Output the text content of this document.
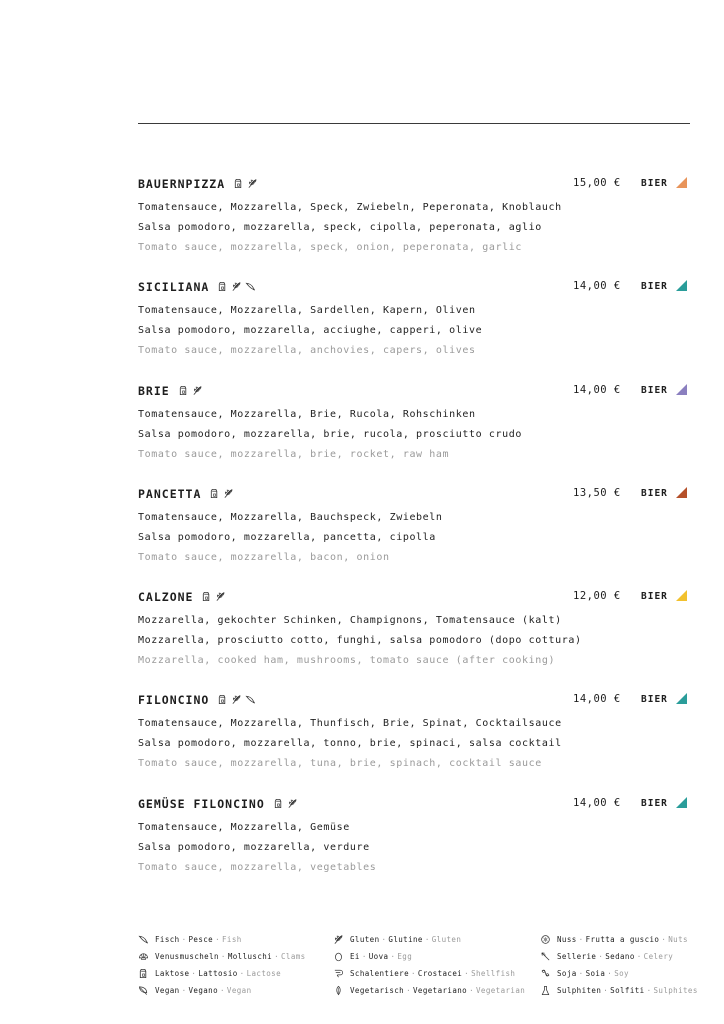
BAUERNPIZZA	15,00 € BIER
Tomatensauce, Mozzarella, Speck, Zwiebeln, Peperonata, Knoblauch
Salsa pomodoro, mozzarella, speck, cipolla, peperonata, aglio
Tomato sauce, mozzarella, speck, onion, peperonata, garlic
SICILIANA	14,00 € BIER
Tomatensauce, Mozzarella, Sardellen, Kapern, Oliven
Salsa pomodoro, mozzarella, acciughe, capperi, olive
Tomato sauce, mozzarella, anchovies, capers, olives
BRIE	14,00 € BIER
Tomatensauce, Mozzarella, Brie, Rucola, Rohschinken
Salsa pomodoro, mozzarella, brie, rucola, prosciutto crudo
Tomato sauce, mozzarella, brie, rocket, raw ham
PANCETTA	13,50 € BIER
Tomatensauce, Mozzarella, Bauchspeck, Zwiebeln
Salsa pomodoro, mozzarella, pancetta, cipolla
Tomato sauce, mozzarella, bacon, onion
CALZONE	12,00 € BIER
Mozzarella, gekochter Schinken, Champignons, Tomatensauce (kalt)
Mozzarella, prosciutto cotto, funghi, salsa pomodoro (dopo cottura)
Mozzarella, cooked ham, mushrooms, tomato sauce (after cooking)
FILONCINO	14,00 € BIER
Tomatensauce, Mozzarella, Thunfisch, Brie, Spinat, Cocktailsauce
Salsa pomodoro, mozzarella, tonno, brie, spinaci, salsa cocktail
Tomato sauce, mozzarella, tuna, brie, spinach, cocktail sauce
GEMÜSE FILONCINO	14,00 € BIER
Tomatensauce, Mozzarella, Gemüse
Salsa pomodoro, mozzarella, verdure
Tomato sauce, mozzarella, vegetables
Fisch · Pesce · Fish
Venusmuscheln · Molluschi · Clams
Laktose · Lattosio · Lactose
Vegan · Vegano · Vegan
Gluten · Glutine · Gluten
Ei · Uova · Egg
Schalentiere · Crostacei · Shellfish
Vegetarisch · Vegetariano · Vegetarian
Nuss · Frutta a guscio · Nuts
Sellerie · Sedano · Celery
Soja · Soia · Soy
Sulphiten · Solfiti · Sulphites
